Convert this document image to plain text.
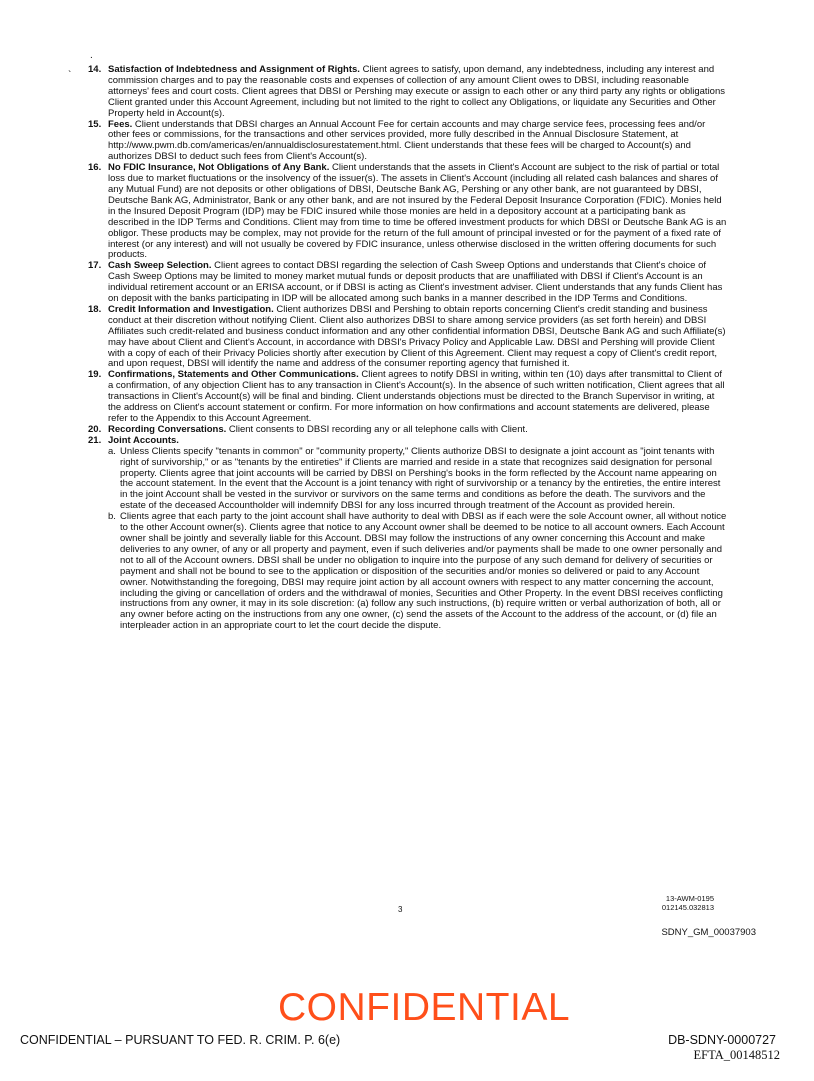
.
`
14. Satisfaction of Indebtedness and Assignment of Rights. Client agrees to satisfy, upon demand, any indebtedness, including any interest and commission charges and to pay the reasonable costs and expenses of collection of any amount Client owes to DBSI, including reasonable attorneys' fees and court costs. Client agrees that DBSI or Pershing may execute or assign to each other or any third party any rights or obligations Client granted under this Account Agreement, including but not limited to the right to collect any Obligations, or liquidate any Securities and Other Property held in Account(s).
15. Fees. Client understands that DBSI charges an Annual Account Fee for certain accounts and may charge service fees, processing fees and/or other fees or commissions, for the transactions and other services provided, more fully described in the Annual Disclosure Statement, at http://www.pwm.db.com/americas/en/annualdisclosurestatement.html. Client understands that these fees will be charged to Account(s) and authorizes DBSI to deduct such fees from Client's Account(s).
16. No FDIC Insurance, Not Obligations of Any Bank. Client understands that the assets in Client's Account are subject to the risk of partial or total loss due to market fluctuations or the insolvency of the issuer(s). The assets in Client's Account (including all related cash balances and shares of any Mutual Fund) are not deposits or other obligations of DBSI, Deutsche Bank AG, Pershing or any other bank, are not guaranteed by DBSI, Deutsche Bank AG, Administrator, Bank or any other bank, and are not insured by the Federal Deposit Insurance Corporation (FDIC). Monies held in the Insured Deposit Program (IDP) may be FDIC insured while those monies are held in a depository account at a participating bank as described in the IDP Terms and Conditions. Client may from time to time be offered investment products for which DBSI or Deutsche Bank AG is an obligor. These products may be complex, may not provide for the return of the full amount of principal invested or for the payment of a fixed rate of interest (or any interest) and will not usually be covered by FDIC insurance, unless otherwise disclosed in the written offering documents for such products.
17. Cash Sweep Selection. Client agrees to contact DBSI regarding the selection of Cash Sweep Options and understands that Client's choice of Cash Sweep Options may be limited to money market mutual funds or deposit products that are unaffiliated with DBSI if Client's Account is an individual retirement account or an ERISA account, or if DBSI is acting as Client's investment adviser. Client understands that any funds Client has on deposit with the banks participating in IDP will be allocated among such banks in a manner described in the IDP Terms and Conditions.
18. Credit Information and Investigation. Client authorizes DBSI and Pershing to obtain reports concerning Client's credit standing and business conduct at their discretion without notifying Client. Client also authorizes DBSI to share among service providers (as set forth herein) and DBSI Affiliates such credit-related and business conduct information and any other confidential information DBSI, Deutsche Bank AG and such Affiliate(s) may have about Client and Client's Account, in accordance with DBSI's Privacy Policy and Applicable Law. DBSI and Pershing will provide Client with a copy of each of their Privacy Policies shortly after execution by Client of this Agreement. Client may request a copy of Client's credit report, and upon request, DBSI will identify the name and address of the consumer reporting agency that furnished it.
19. Confirmations, Statements and Other Communications. Client agrees to notify DBSI in writing, within ten (10) days after transmittal to Client of a confirmation, of any objection Client has to any transaction in Client's Account(s). In the absence of such written notification, Client agrees that all transactions in Client's Account(s) will be final and binding. Client understands objections must be directed to the Branch Supervisor in writing, at the address on Client's account statement or confirm. For more information on how confirmations and account statements are delivered, please refer to the Appendix to this Account Agreement.
20. Recording Conversations. Client consents to DBSI recording any or all telephone calls with Client.
21. Joint Accounts.
a. Unless Clients specify "tenants in common" or "community property," Clients authorize DBSI to designate a joint account as "joint tenants with right of survivorship," or as "tenants by the entireties" if Clients are married and reside in a state that recognizes said designation for personal property. Clients agree that joint accounts will be carried by DBSI on Pershing's books in the form reflected by the Account name appearing on the account statement. In the event that the Account is a joint tenancy with right of survivorship or a tenancy by the entireties, the entire interest in the joint Account shall be vested in the survivor or survivors on the same terms and conditions as before the death. The survivors and the estate of the deceased Accountholder will indemnify DBSI for any loss incurred through treatment of the Account as provided herein.
b. Clients agree that each party to the joint account shall have authority to deal with DBSI as if each were the sole Account owner, all without notice to the other Account owner(s). Clients agree that notice to any Account owner shall be deemed to be notice to all account owners. Each Account owner shall be jointly and severally liable for this Account. DBSI may follow the instructions of any owner concerning this Account and make deliveries to any owner, of any or all property and payment, even if such deliveries and/or payments shall be made to one owner personally and not to all of the Account owners. DBSI shall be under no obligation to inquire into the purpose of any such demand for delivery of securities or payment and shall not be bound to see to the application or disposition of the securities and/or monies so delivered or paid to any Account owner. Notwithstanding the foregoing, DBSI may require joint action by all account owners with respect to any matter concerning the account, including the giving or cancellation of orders and the withdrawal of monies, Securities and Other Property. In the event DBSI receives conflicting instructions from any owner, it may in its sole discretion: (a) follow any such instructions, (b) require written or verbal authorization of both, all or any owner before acting on the instructions from any one owner, (c) send the assets of the Account to the address of the account, or (d) file an interpleader action in an appropriate court to let the court decide the dispute.
13-AWM-0195
012145.032813
3
SDNY_GM_00037903
CONFIDENTIAL
CONFIDENTIAL – PURSUANT TO FED. R. CRIM. P. 6(e)	DB-SDNY-0000727
EFTA_00148512
